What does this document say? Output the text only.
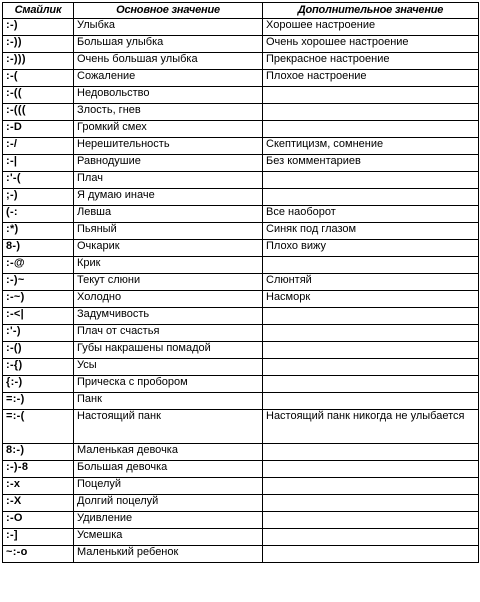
Смайлик	Основное значение	Дополнительное значение
:-)	Улыбка	Хорошее настроение
:-))	Большая улыбка	Очень хорошее настроение
:-)))	Очень большая улыбка	Прекрасное настроение
:-(	Сожаление	Плохое настроение
:-((	Недовольство	
:-(((	Злость, гнев	
:-D	Громкий смех	
:-/	Нерешительность	Скептицизм, сомнение
:-|	Равнодушие	Без комментариев
:'-(	Плач	
;-)	Я думаю иначе	
(-:	Левша	Все наоборот
:*)	Пьяный	Синяк под глазом
8-)	Очкарик	Плохо вижу
:-@	Крик	
:-)~	Текут слюни	Слюнтяй
:-~)	Холодно	Насморк
:-<|	Задумчивость	
:'-)	Плач от счастья	
:-()	Губы накрашены помадой	
:-{)	Усы	
{:-)	Прическа с пробором	
=:-)	Панк	
=:-(	Настоящий панк	Настоящий панк никогда не улыбается
8:-)	Маленькая девочка	
:-)-8	Большая девочка	
:-x	Поцелуй	
:-X	Долгий поцелуй	
:-O	Удивление	
:-]	Усмешка	
~:-o	Маленький ребенок	
